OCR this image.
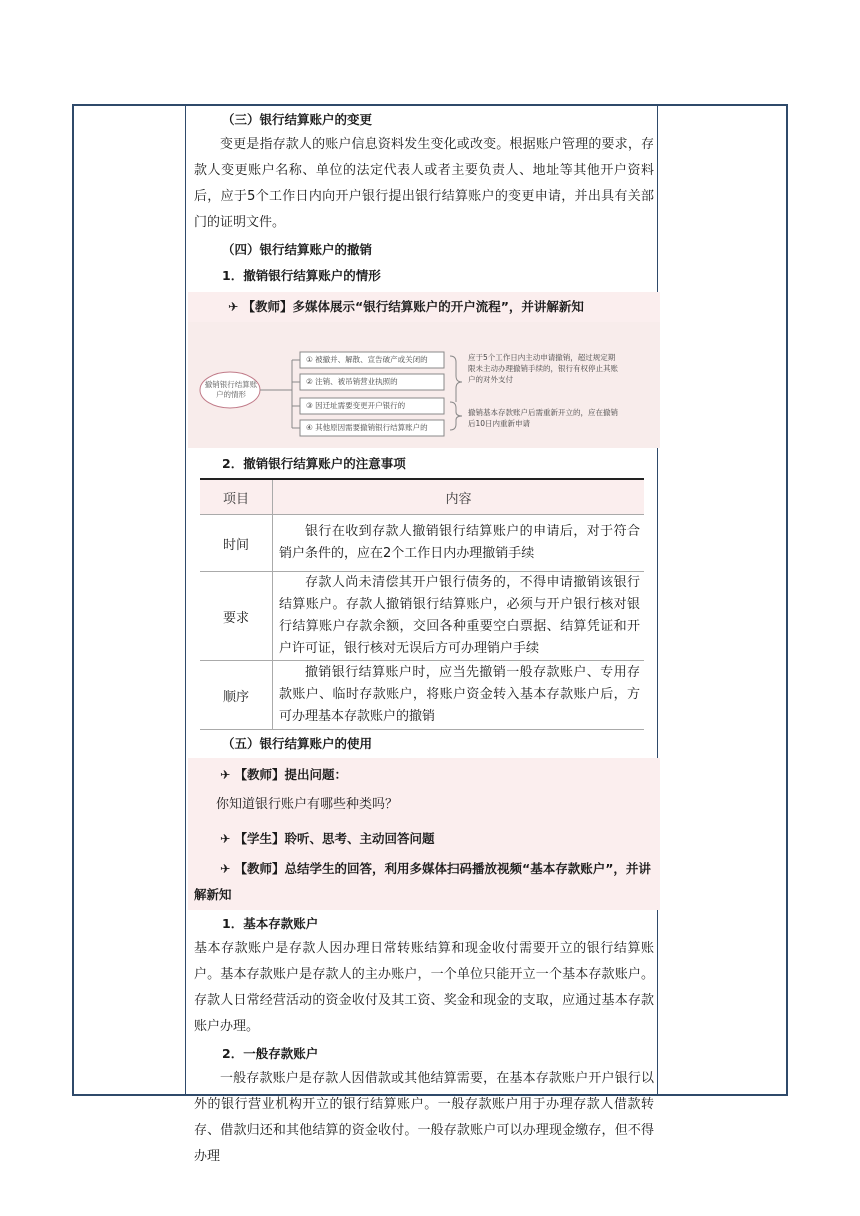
（三）银行结算账户的变更

变更是指存款人的账户信息资料发生变化或改变。根据账户管理的要求，存款人变更账户名称、单位的法定代表人或者主要负责人、地址等其他开户资料后，应于5个工作日内向开户银行提出银行结算账户的变更申请，并出具有关部门的证明文件。

（四）银行结算账户的撤销

1．撤销银行结算账户的情形

✈ 【教师】多媒体展示“银行结算账户的开户流程”，并讲解新知
撤销银行结算账户的情形
① 被撤并、解散、宣告破产或关闭的
② 注销、被吊销营业执照的
③ 因迁址需要变更开户银行的
④ 其他原因需要撤销银行结算账户的
应于5个工作日内主动申请撤销，超过规定期限未主动办理撤销手续的，银行有权停止其账户的对外支付
撤销基本存款账户后需重新开立的，应在撤销后10日内重新申请

2．撤销银行结算账户的注意事项

项目	内容
时间	银行在收到存款人撤销银行结算账户的申请后，对于符合销户条件的，应在2个工作日内办理撤销手续
要求	存款人尚未清偿其开户银行债务的，不得申请撤销该银行结算账户。存款人撤销银行结算账户，必须与开户银行核对银行结算账户存款余额，交回各种重要空白票据、结算凭证和开户许可证，银行核对无误后方可办理销户手续
顺序	撤销银行结算账户时，应当先撤销一般存款账户、专用存款账户、临时存款账户，将账户资金转入基本存款账户后，方可办理基本存款账户的撤销

（五）银行结算账户的使用

✈ 【教师】提出问题：
你知道银行账户有哪些种类吗？
✈ 【学生】聆听、思考、主动回答问题
✈ 【教师】总结学生的回答，利用多媒体扫码播放视频“基本存款账户”，并讲解新知

1．基本存款账户

基本存款账户是存款人因办理日常转账结算和现金收付需要开立的银行结算账户。基本存款账户是存款人的主办账户，一个单位只能开立一个基本存款账户。存款人日常经营活动的资金收付及其工资、奖金和现金的支取，应通过基本存款账户办理。

2．一般存款账户

一般存款账户是存款人因借款或其他结算需要，在基本存款账户开户银行以外的银行营业机构开立的银行结算账户。一般存款账户用于办理存款人借款转存、借款归还和其他结算的资金收付。一般存款账户可以办理现金缴存，但不得办理
